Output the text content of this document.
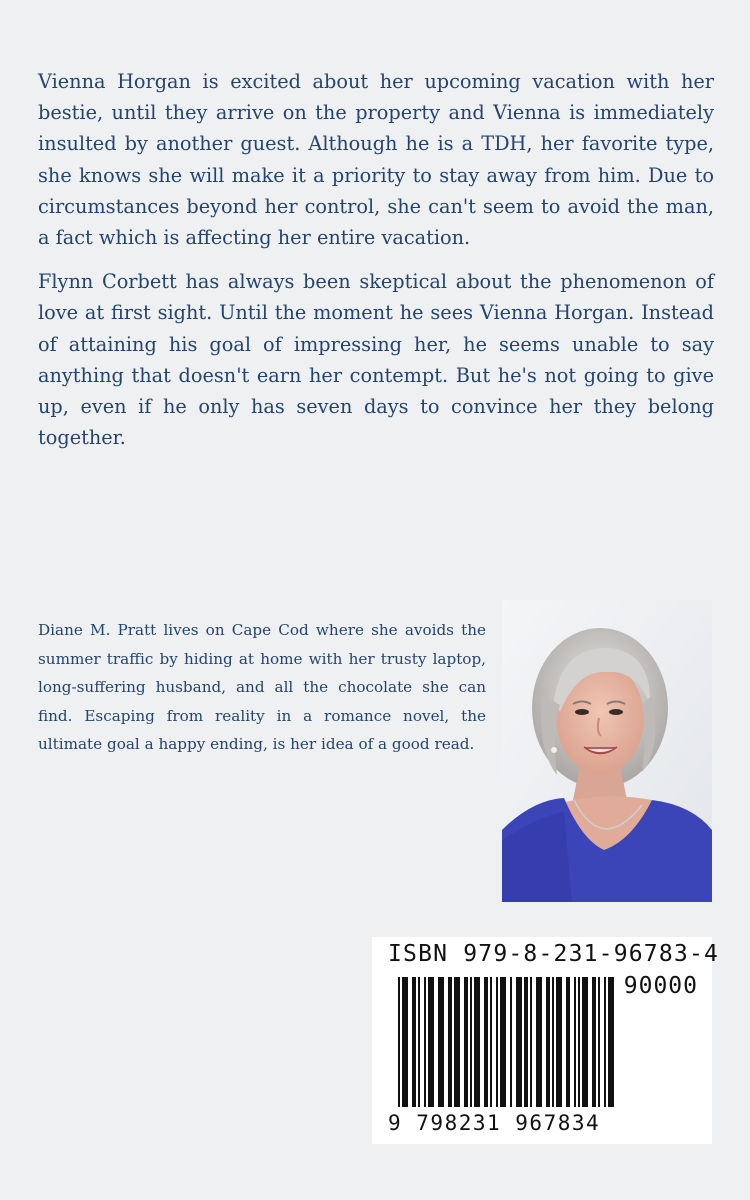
Vienna Horgan is excited about her upcoming vacation with her bestie, until they arrive on the property and Vienna is immediately insulted by another guest. Although he is a TDH, her favorite type, she knows she will make it a priority to stay away from him. Due to circumstances beyond her control, she can't seem to avoid the man, a fact which is affecting her entire vacation.

Flynn Corbett has always been skeptical about the phenomenon of love at first sight. Until the moment he sees Vienna Horgan. Instead of attaining his goal of impressing her, he seems unable to say anything that doesn't earn her contempt. But he's not going to give up, even if he only has seven days to convince her they belong together.

Diane M. Pratt lives on Cape Cod where she avoids the summer traffic by hiding at home with her trusty laptop, long-suffering husband, and all the chocolate she can find. Escaping from reality in a romance novel, the ultimate goal a happy ending, is her idea of a good read.

ISBN 979-8-231-96783-4
90000
9 798231 967834
